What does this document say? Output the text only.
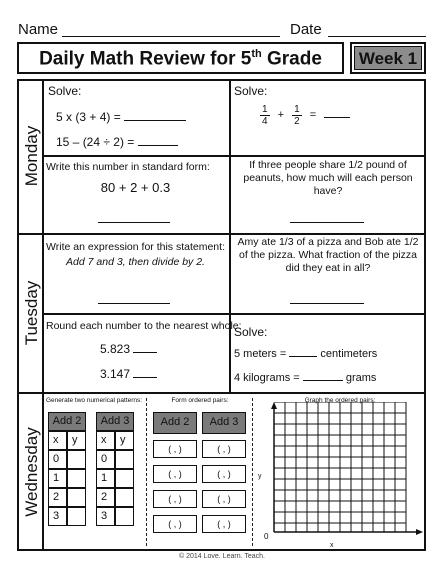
Name	Date
Daily Math Review for 5th Grade	Week 1
Monday
Tuesday
Wednesday
Solve:
5 x (3 + 4) =
15 – (24 ÷ 2) =
Solve:
$\frac{1}{4} + \frac{1}{2}$ =
Write this number in standard form:
80 + 2 + 0.3
If three people share 1/2 pound of peanuts, how much will each person have?
Write an expression for this statement:
Add 7 and 3, then divide by 2.
Amy ate 1/3 of a pizza and Bob ate 1/2 of the pizza. What fraction of the pizza did they eat in all?
Round each number to the nearest whole:
5.823
3.147
Solve:
5 meters =	centimeters
4 kilograms =	grams
Generate two numerical patterns:	Form ordered pairs:	Graph the ordered pairs:
Add 2
x	y
0
1
2
3
Add 3
x	y
0
1
2
3
Add 2
( , )
( , )
( , )
( , )
Add 3
( , )
( , )
( , )
( , )
y
x
0
© 2014 Love. Learn. Teach.
